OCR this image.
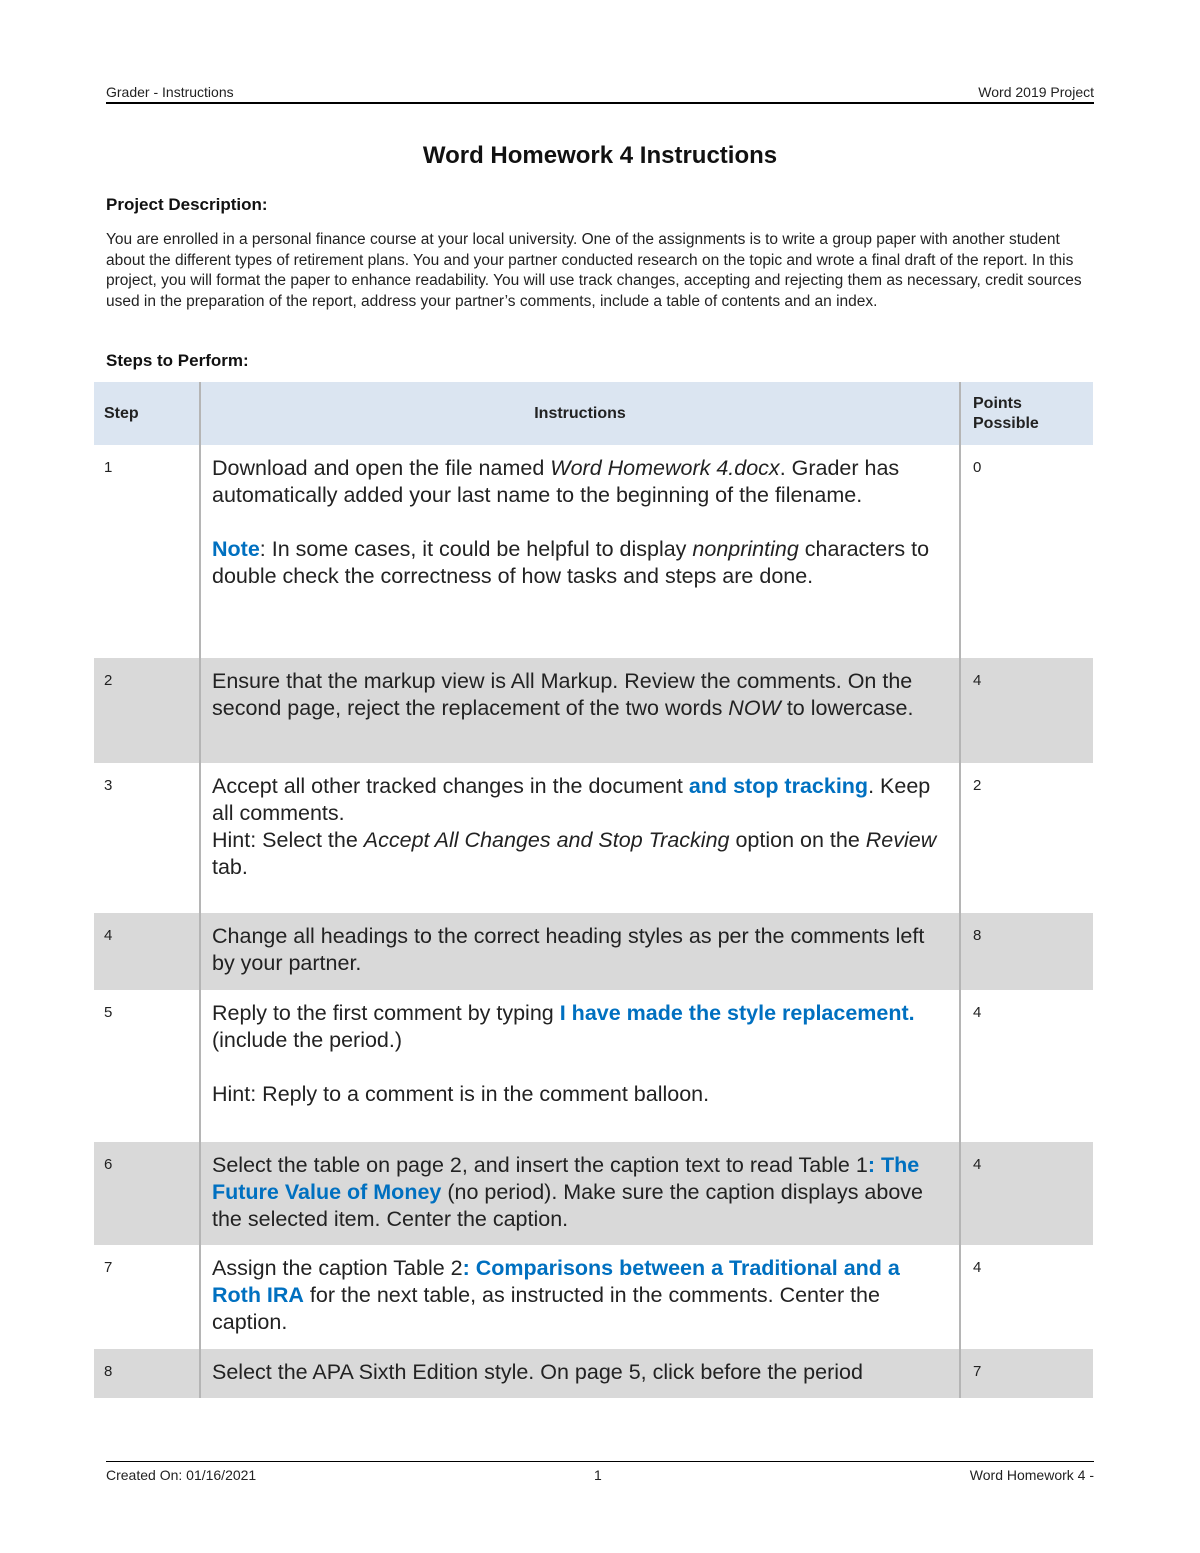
Grader - Instructions	Word 2019 Project
Word Homework 4 Instructions
Project Description:
You are enrolled in a personal finance course at your local university. One of the assignments is to write a group paper with another student about the different types of retirement plans. You and your partner conducted research on the topic and wrote a final draft of the report. In this project, you will format the paper to enhance readability. You will use track changes, accepting and rejecting them as necessary, credit sources used in the preparation of the report, address your partner’s comments, include a table of contents and an index.
Steps to Perform:
Step	Instructions	Points
Possible
1	Download and open the file named Word Homework 4.docx. Grader has automatically added your last name to the beginning of the filename.
Note: In some cases, it could be helpful to display nonprinting characters to double check the correctness of how tasks and steps are done.	0
2	Ensure that the markup view is All Markup. Review the comments. On the second page, reject the replacement of the two words NOW to lowercase.	4
3	Accept all other tracked changes in the document and stop tracking. Keep all comments.
Hint: Select the Accept All Changes and Stop Tracking option on the Review tab.	2
4	Change all headings to the correct heading styles as per the comments left by your partner.	8
5	Reply to the first comment by typing I have made the style replacement. (include the period.)
Hint: Reply to a comment is in the comment balloon.	4
6	Select the table on page 2, and insert the caption text to read Table 1: The Future Value of Money (no period). Make sure the caption displays above the selected item. Center the caption.	4
7	Assign the caption Table 2: Comparisons between a Traditional and a Roth IRA for the next table, as instructed in the comments. Center the caption.	4
8	Select the APA Sixth Edition style. On page 5, click before the period	7
Created On: 01/16/2021	1	Word Homework 4 -
